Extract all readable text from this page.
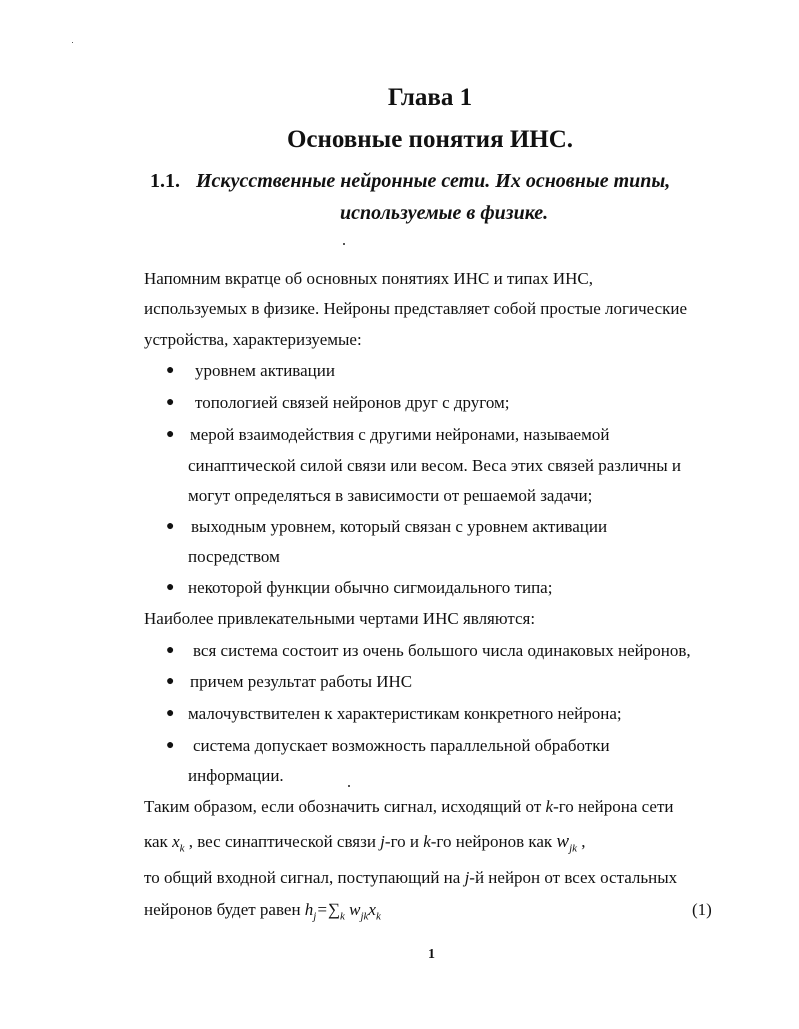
Глава 1
Основные понятия ИНС.
1.1. Искусственные нейронные сети. Их основные типы,
используемые в физике.
Напомним вкратце об основных понятиях ИНС и типах ИНС,
используемых в физике. Нейроны представляет собой простые логические
устройства, характеризуемые:
● уровнем активации
● топологией связей нейронов друг с другом;
● мерой взаимодействия с другими нейронами, называемой
синаптической силой связи или весом. Веса этих связей различны и
могут определяться в зависимости от решаемой задачи;
● выходным уровнем, который связан с уровнем активации
посредством
● некоторой функции обычно сигмоидального типа;
Наиболее привлекательными чертами ИНС являются:
● вся система состоит из очень большого числа одинаковых нейронов,
● причем результат работы ИНС
● малочувствителен к характеристикам конкретного нейрона;
● система допускает возможность параллельной обработки
информации.
Таким образом, если обозначить сигнал, исходящий от k-го нейрона сети
как $x_k$ , вес синаптической связи j-го и k-го нейронов как $w_{jk}$ ,
то общий входной сигнал, поступающий на j-й нейрон от всех остальных
нейронов будет равен $h_j=\sum_k$ $w_{jk}x_k$	(1)
1
